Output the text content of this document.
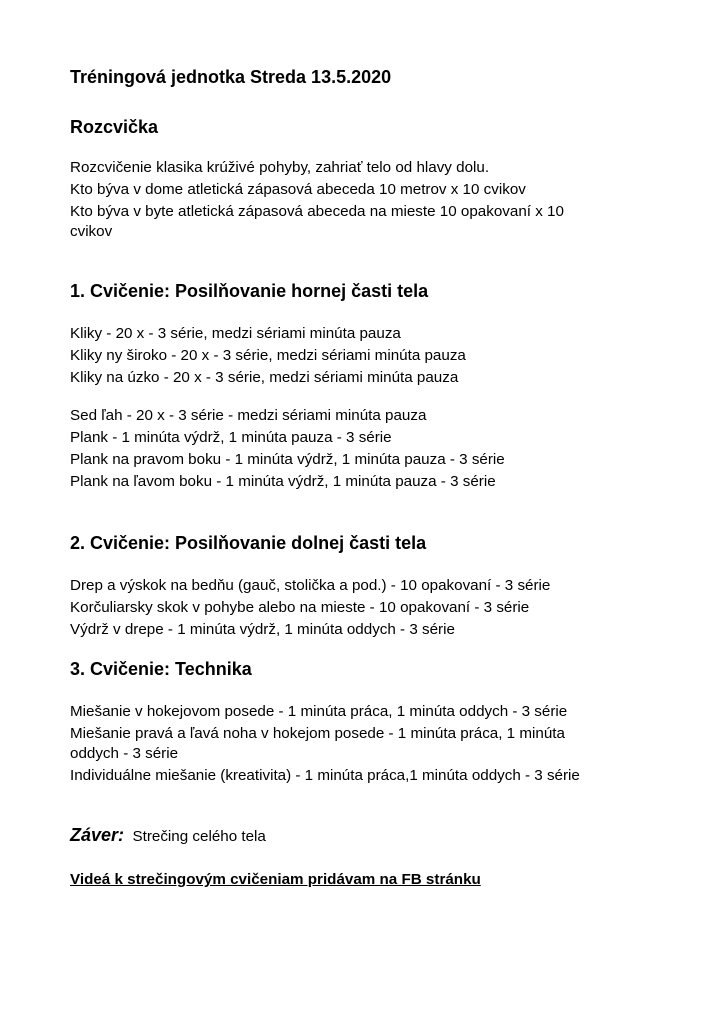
Tréningová jednotka Streda 13.5.2020
Rozcvička
Rozcvičenie klasika krúživé pohyby, zahriať telo od hlavy dolu.
Kto býva v dome atletická zápasová abeceda 10 metrov x 10 cvikov
Kto býva v byte atletická zápasová abeceda na mieste 10 opakovaní x 10
cvikov
1. Cvičenie: Posilňovanie hornej časti tela
Kliky - 20 x - 3 série, medzi sériami minúta pauza
Kliky ny široko - 20 x - 3 série, medzi sériami minúta pauza
Kliky na úzko - 20 x - 3 série, medzi sériami minúta pauza
Sed ľah - 20 x - 3 série - medzi sériami minúta pauza
Plank - 1 minúta výdrž, 1 minúta pauza - 3 série
Plank na pravom boku - 1 minúta výdrž, 1 minúta pauza - 3 série
Plank na ľavom boku - 1 minúta výdrž, 1 minúta pauza - 3 série
2. Cvičenie: Posilňovanie dolnej časti tela
Drep a výskok na bedňu (gauč, stolička a pod.) - 10 opakovaní - 3 série
Korčuliarsky skok v pohybe alebo na mieste - 10 opakovaní - 3 série
Výdrž v drepe - 1 minúta výdrž, 1 minúta oddych - 3 série
3. Cvičenie: Technika
Miešanie v hokejovom posede - 1 minúta práca, 1 minúta oddych - 3 série
Miešanie pravá a ľavá noha v hokejom posede - 1 minúta práca, 1 minúta
oddych - 3 série
Individuálne miešanie (kreativita) - 1 minúta práca,1 minúta oddych - 3 série
Záver: Strečing celého tela
Videá k strečingovým cvičeniam pridávam na FB stránku
